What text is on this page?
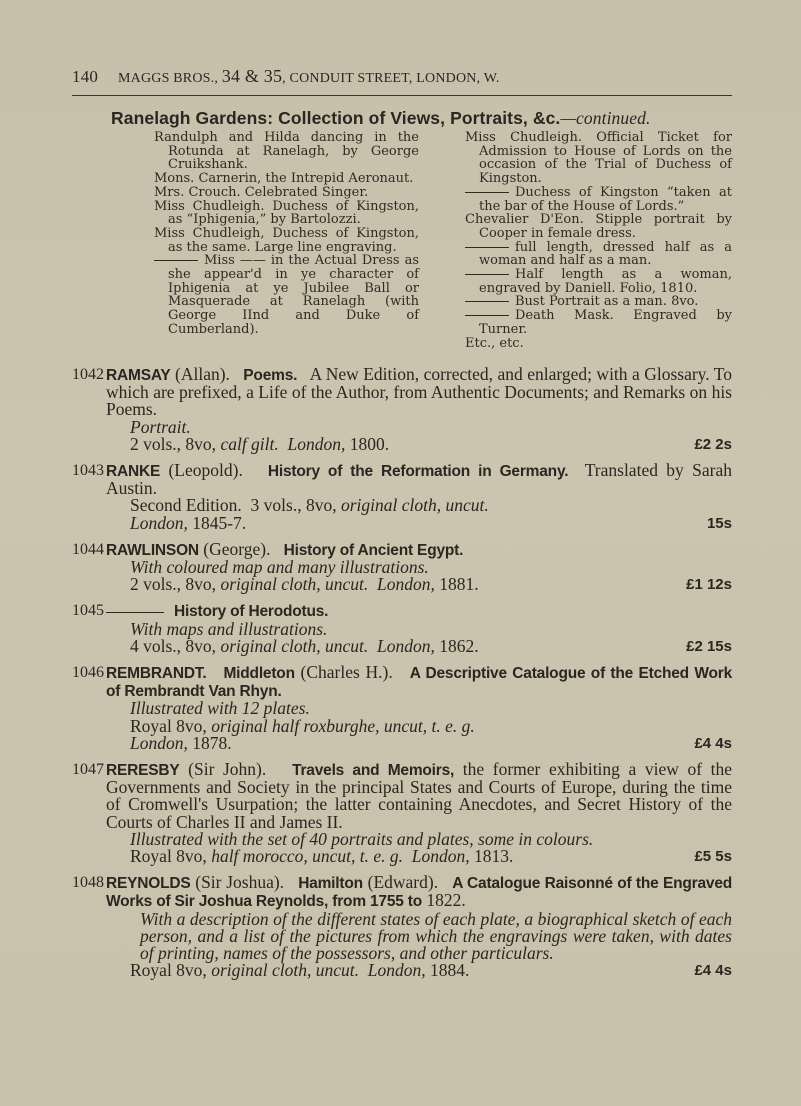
140	MAGGS BROS., 34 & 35, CONDUIT STREET, LONDON, W.
Ranelagh Gardens: Collection of Views, Portraits, &c.—continued.

Randulph and Hilda dancing in the Rotunda at Ranelagh, by George Cruikshank.

Mons. Carnerin, the Intrepid Aeronaut.

Mrs. Crouch. Celebrated Singer.

Miss Chudleigh. Duchess of Kingston, as “Iphigenia,” by Bartolozzi.

Miss Chudleigh, Duchess of Kingston, as the same. Large line engraving.

Miss —— in the Actual Dress as she appear'd in ye character of Iphigenia at ye Jubilee Ball or Masquerade at Ranelagh (with George IInd and Duke of Cumberland).

Miss Chudleigh. Official Ticket for Admission to House of Lords on the occasion of the Trial of Duchess of Kingston.

Duchess of Kingston “taken at the bar of the House of Lords.”

Chevalier D'Eon. Stipple portrait by Cooper in female dress.

full length, dressed half as a woman and half as a man.

Half length as a woman, engraved by Daniell. Folio, 1810.

Bust Portrait as a man. 8vo.

Death Mask. Engraved by Turner.

Etc., etc.

1042 RAMSAY (Allan). Poems. A New Edition, corrected, and enlarged; with a Glossary. To which are prefixed, a Life of the Author, from Authentic Documents; and Remarks on his Poems.
Portrait.
2 vols., 8vo, calf gilt. London, 1800.	£2 2s
1043 RANKE (Leopold). History of the Reformation in Germany. Translated by Sarah Austin.
Second Edition. 3 vols., 8vo, original cloth, uncut.
London, 1845-7.	15s
1044 RAWLINSON (George). History of Ancient Egypt.
With coloured map and many illustrations.
2 vols., 8vo, original cloth, uncut. London, 1881.	£1 12s
1045	History of Herodotus.
With maps and illustrations.
4 vols., 8vo, original cloth, uncut. London, 1862.	£2 15s
1046 REMBRANDT. Middleton (Charles H.). A Descriptive Catalogue of the Etched Work of Rembrandt Van Rhyn.
Illustrated with 12 plates.
Royal 8vo, original half roxburghe, uncut, t. e. g.
London, 1878.	£4 4s
1047 RERESBY (Sir John). Travels and Memoirs, the former exhibiting a view of the Governments and Society in the principal States and Courts of Europe, during the time of Cromwell's Usurpation; the latter containing Anecdotes, and Secret History of the Courts of Charles II and James II.
Illustrated with the set of 40 portraits and plates, some in colours.
Royal 8vo, half morocco, uncut, t. e. g. London, 1813.	£5 5s
1048 REYNOLDS (Sir Joshua). Hamilton (Edward). A Catalogue Raisonné of the Engraved Works of Sir Joshua Reynolds, from 1755 to 1822.
With a description of the different states of each plate, a biographical sketch of each person, and a list of the pictures from which the engravings were taken, with dates of printing, names of the possessors, and other particulars.
Royal 8vo, original cloth, uncut. London, 1884.	£4 4s
